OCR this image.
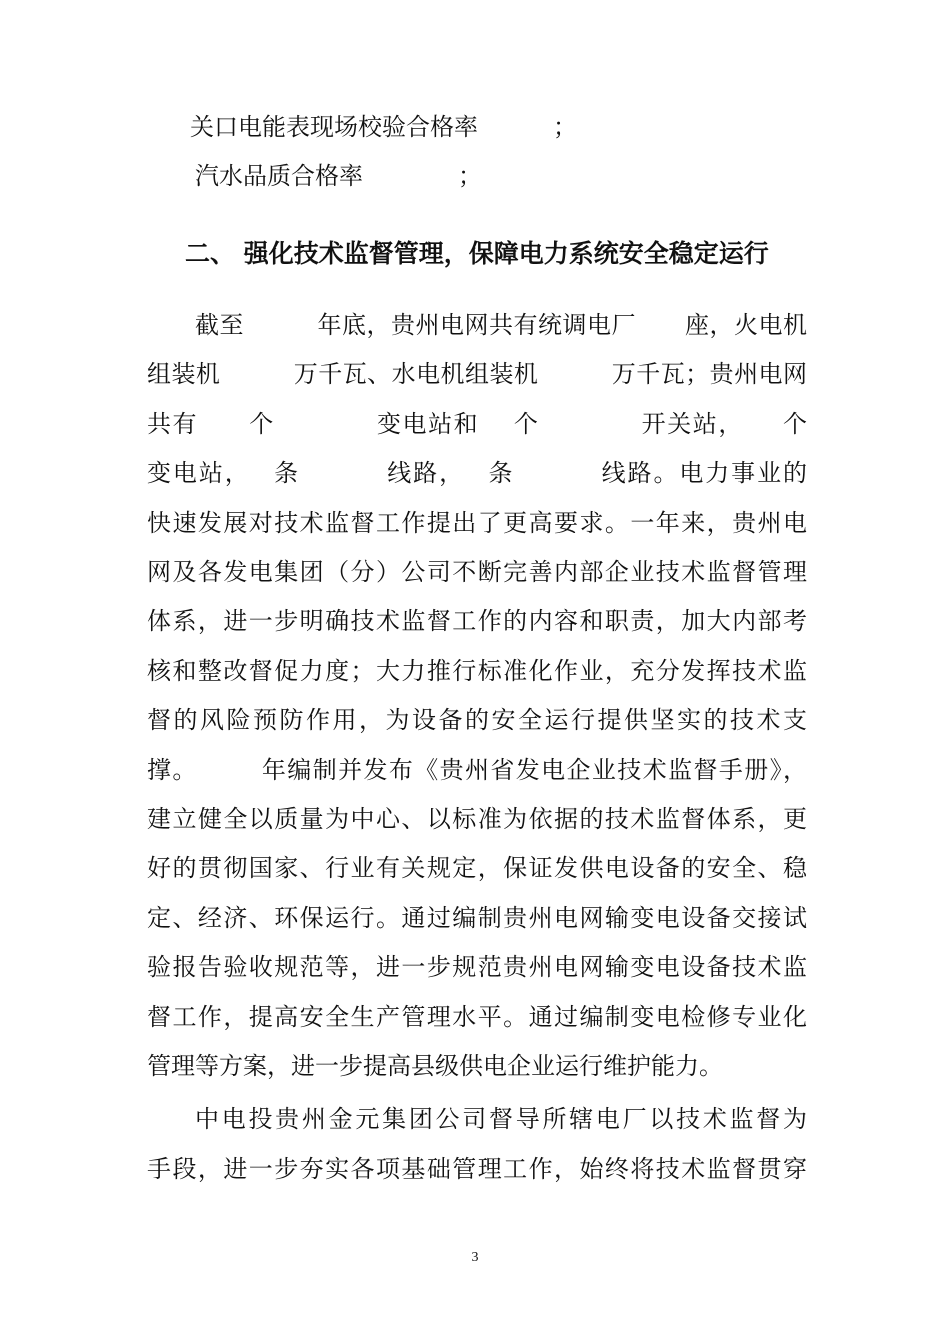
关口电能表现场校验合格率	；
汽水品质合格率	；
二、 强化技术监督管理，保障电力系统安全稳定运行
截至　　　年底，贵州电网共有统调电厂　　座，火电机
组装机　　　万千瓦、水电机组装机　　　万千瓦；贵州电网
共有　　个　　　　变电站和　 个　　　　开关站，　　个
变电站，　 条　　　 线路，　 条　　　 线路。电力事业的
快速发展对技术监督工作提出了更高要求。一年来，贵州电
网及各发电集团（分）公司不断完善内部企业技术监督管理
体系，进一步明确技术监督工作的内容和职责，加大内部考
核和整改督促力度；大力推行标准化作业，充分发挥技术监
督的风险预防作用，为设备的安全运行提供坚实的技术支
撑。　　　年编制并发布《贵州省发电企业技术监督手册》，
建立健全以质量为中心、以标准为依据的技术监督体系，更
好的贯彻国家、行业有关规定，保证发供电设备的安全、稳
定、经济、环保运行。通过编制贵州电网输变电设备交接试
验报告验收规范等，进一步规范贵州电网输变电设备技术监
督工作，提高安全生产管理水平。通过编制变电检修专业化
管理等方案，进一步提高县级供电企业运行维护能力。
中电投贵州金元集团公司督导所辖电厂以技术监督为
手段，进一步夯实各项基础管理工作，始终将技术监督贯穿
3
